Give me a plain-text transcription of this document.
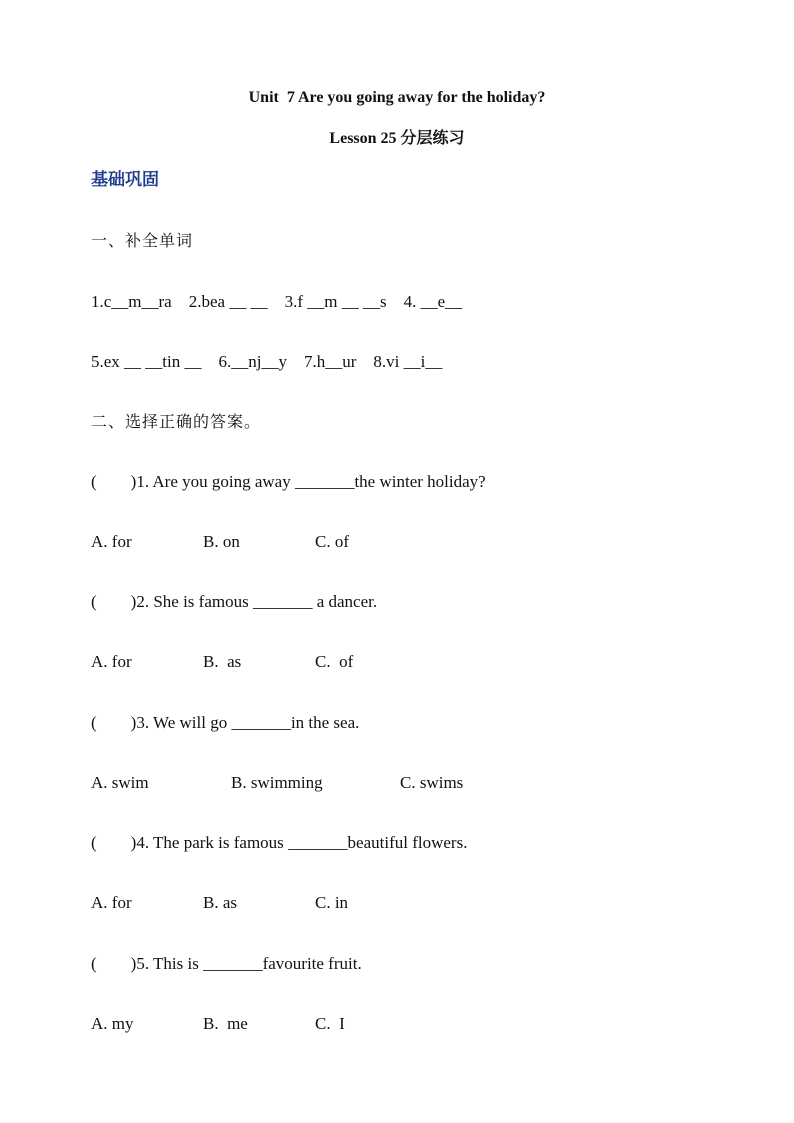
Unit  7 Are you going away for the holiday?
Lesson 25 分层练习
基础巩固
一、补全单词
1.c__m__ra    2.bea __ __    3.f __m __ __s    4. __e__
5.ex __ __tin __    6.__nj__y    7.h__ur    8.vi __i__
二、选择正确的答案。
(        )1. Are you going away _______the winter holiday?
A. for	B. on	C. of
(        )2. She is famous _______ a dancer.
A. for	B.  as	C.  of
(        )3. We will go _______in the sea.
A. swim	B. swimming	C. swims
(        )4. The park is famous _______beautiful flowers.
A. for	B. as	C. in
(        )5. This is _______favourite fruit.
A. my	B.  me	C.  I
